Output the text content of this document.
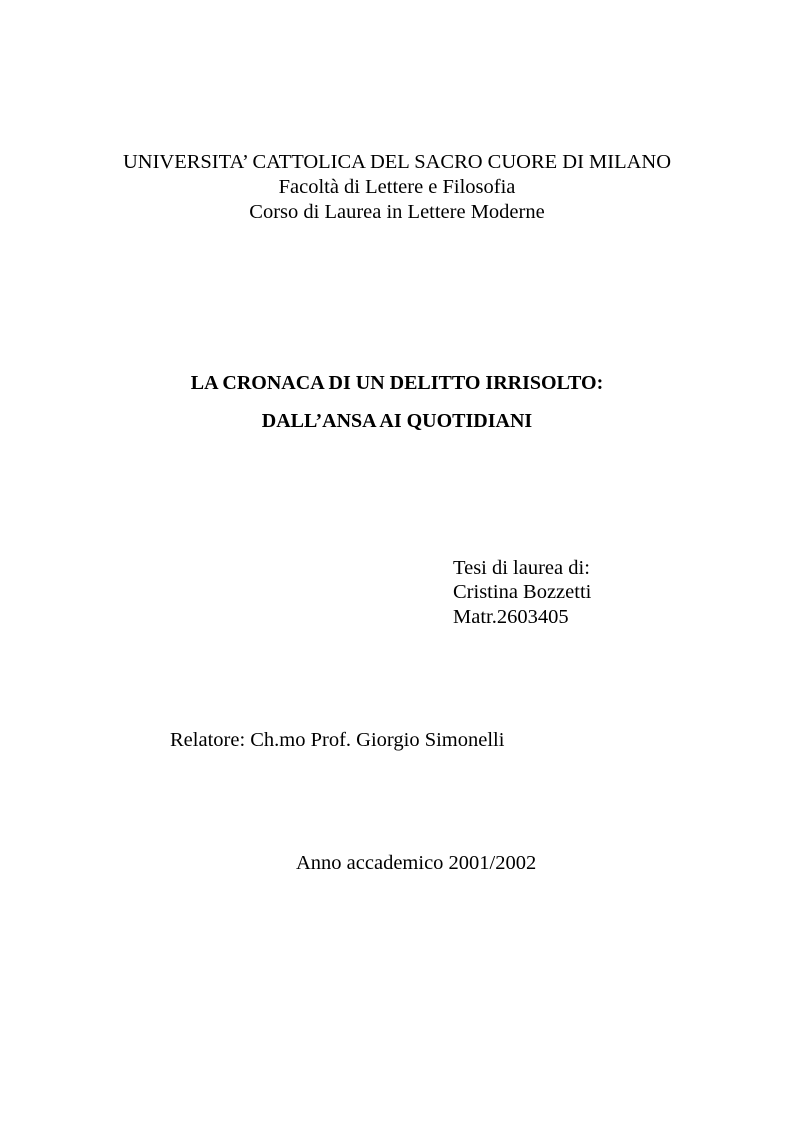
UNIVERSITA’ CATTOLICA DEL SACRO CUORE DI MILANO
Facoltà di Lettere e Filosofia
Corso di Laurea in Lettere Moderne
LA CRONACA DI UN DELITTO IRRISOLTO:
DALL’ANSA AI QUOTIDIANI
Tesi di laurea di:
Cristina Bozzetti
Matr.2603405
Relatore: Ch.mo Prof. Giorgio Simonelli
Anno accademico 2001/2002
